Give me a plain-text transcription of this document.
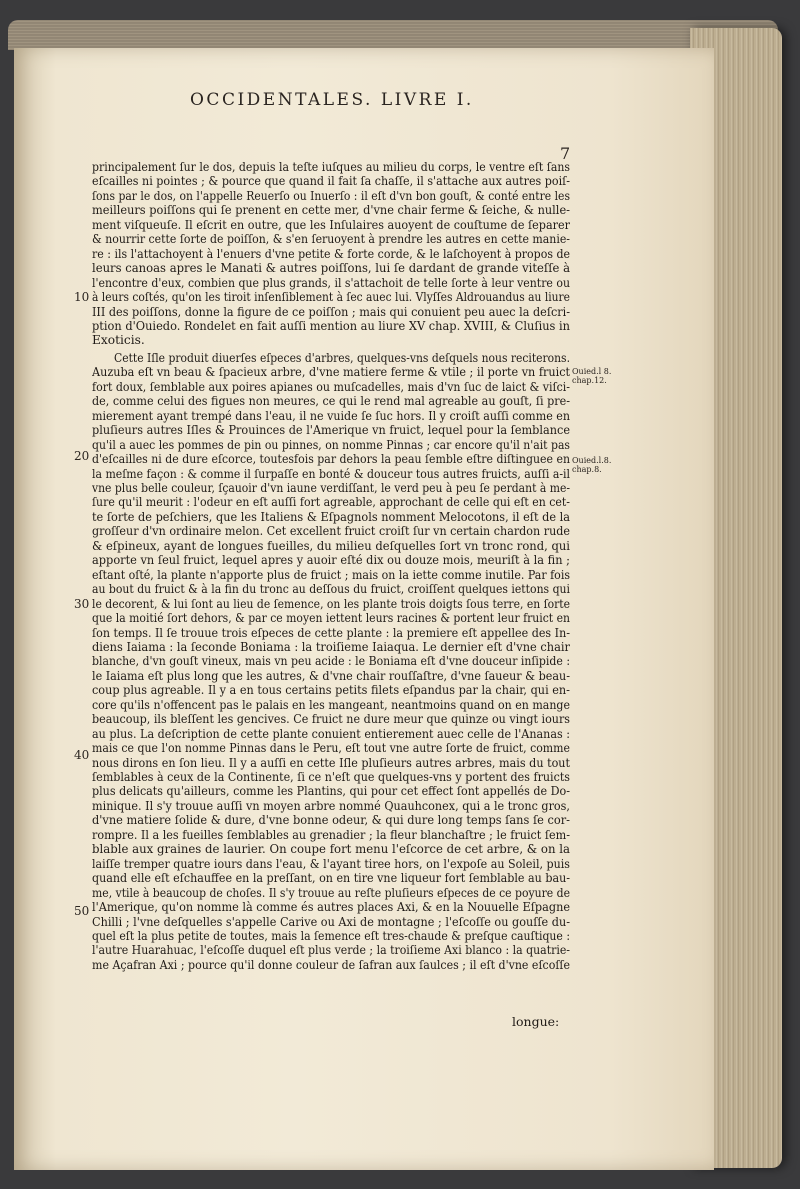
OCCIDENTALES. LIVRE I.
7
principalement ſur le dos, depuis la teſte iuſques au milieu du corps, le ventre eſt ſans
eſcailles ni pointes ; & pource que quand il fait ſa chaſſe, il s'attache aux autres poiſ-
ſons par le dos, on l'appelle Reuerſo ou Inuerſo : il eſt d'vn bon gouſt, & conté entre les
meilleurs poiſſons qui ſe prenent en cette mer, d'vne chair ferme & ſeiche, & nulle-
ment viſqueuſe. Il eſcrit en outre, que les Inſulaires auoyent de couſtume de ſeparer
& nourrir cette ſorte de poiſſon, & s'en ſeruoyent à prendre les autres en cette manie-
re : ils l'attachoyent à l'enuers d'vne petite & forte corde, & le laſchoyent à propos de
leurs canoas apres le Manati & autres poiſſons, lui ſe dardant de grande viteſſe à
l'encontre d'eux, combien que plus grands, il s'attachoit de telle ſorte à leur ventre ou
à leurs coſtés, qu'on les tiroit inſenſiblement à ſec auec lui. Vlyſſes Aldrouandus au liure
III des poiſſons, donne la figure de ce poiſſon ; mais qui conuient peu auec la deſcri-
ption d'Ouiedo. Rondelet en fait auſſi mention au liure XV chap. XVIII, & Cluſius in
Exoticis.
Cette Iſle produit diuerſes eſpeces d'arbres, quelques-vns deſquels nous reciterons.
Auzuba eſt vn beau & ſpacieux arbre, d'vne matiere ferme & vtile ; il porte vn fruict
fort doux, ſemblable aux poires apianes ou muſcadelles, mais d'vn ſuc de laict & viſci-
de, comme celui des figues non meures, ce qui le rend mal agreable au gouſt, ſi pre-
mierement ayant trempé dans l'eau, il ne vuide ſe ſuc hors. Il y croiſt auſſi comme en
pluſieurs autres Iſles & Prouinces de l'Amerique vn fruict, lequel pour la ſemblance
qu'il a auec les pommes de pin ou pinnes, on nomme Pinnas ; car encore qu'il n'ait pas
d'eſcailles ni de dure eſcorce, toutesfois par dehors la peau ſemble eſtre diſtinguee en
la meſme façon : & comme il ſurpaſſe en bonté & douceur tous autres fruicts, auſſi a-il
vne plus belle couleur, ſçauoir d'vn iaune verdiſſant, le verd peu à peu ſe perdant à me-
ſure qu'il meurit : l'odeur en eſt auſſi fort agreable, approchant de celle qui eſt en cet-
te ſorte de peſchiers, que les Italiens & Eſpagnols nomment Melocotons, il eſt de la
groſſeur d'vn ordinaire melon. Cet excellent fruict croiſt ſur vn certain chardon rude
& eſpineux, ayant de longues fueilles, du milieu deſquelles ſort vn tronc rond, qui
apporte vn ſeul fruict, lequel apres y auoir eſté dix ou douze mois, meuriſt à la fin ;
eſtant oſté, la plante n'apporte plus de fruict ; mais on la iette comme inutile. Par fois
au bout du fruict & à la fin du tronc au deſſous du fruict, croiſſent quelques iettons qui
le decorent, & lui ſont au lieu de ſemence, on les plante trois doigts ſous terre, en ſorte
que la moitié ſort dehors, & par ce moyen iettent leurs racines & portent leur fruict en
ſon temps. Il ſe trouue trois eſpeces de cette plante : la premiere eſt appellee des In-
diens Iaiama : la ſeconde Boniama : la troiſieme Iaiaqua. Le dernier eſt d'vne chair
blanche, d'vn gouſt vineux, mais vn peu acide : le Boniama eſt d'vne douceur inſipide :
le Iaiama eſt plus long que les autres, & d'vne chair rouſſaſtre, d'vne ſaueur & beau-
coup plus agreable. Il y a en tous certains petits filets eſpandus par la chair, qui en-
core qu'ils n'offencent pas le palais en les mangeant, neantmoins quand on en mange
beaucoup, ils bleſſent les gencives. Ce fruict ne dure meur que quinze ou vingt iours
au plus. La deſcription de cette plante conuient entierement auec celle de l'Ananas :
mais ce que l'on nomme Pinnas dans le Peru, eſt tout vne autre ſorte de fruict, comme
nous dirons en ſon lieu. Il y a auſſi en cette Iſle pluſieurs autres arbres, mais du tout
ſemblables à ceux de la Continente, ſi ce n'eſt que quelques-vns y portent des fruicts
plus delicats qu'ailleurs, comme les Plantins, qui pour cet effect ſont appellés de Do-
minique. Il s'y trouue auſſi vn moyen arbre nommé Quauhconex, qui a le tronc gros,
d'vne matiere ſolide & dure, d'vne bonne odeur, & qui dure long temps ſans ſe cor-
rompre. Il a les fueilles ſemblables au grenadier ; la fleur blanchaſtre ; le fruict ſem-
blable aux graines de laurier. On coupe fort menu l'eſcorce de cet arbre, & on la
laiſſe tremper quatre iours dans l'eau, & l'ayant tiree hors, on l'expoſe au Soleil, puis
quand elle eſt eſchauffee en la preſſant, on en tire vne liqueur fort ſemblable au bau-
me, vtile à beaucoup de choſes. Il s'y trouue au reſte pluſieurs eſpeces de ce poyure de
l'Amerique, qu'on nomme là comme és autres places Axi, & en la Nouuelle Eſpagne
Chilli ; l'vne deſquelles s'appelle Carive ou Axi de montagne ; l'eſcoſſe ou gouſſe du-
quel eſt la plus petite de toutes, mais la ſemence eſt tres-chaude & preſque cauſtique :
l'autre Huarahuac, l'eſcoſſe duquel eſt plus verde ; la troiſieme Axi blanco : la quatrie-
me Açafran Axi ; pource qu'il donne couleur de ſafran aux ſaulces ; il eſt d'vne eſcoſſe
10
20
30
40
50
Ouied.l 8. chap.12.
Ouied.l.8. chap.8.
longue:
